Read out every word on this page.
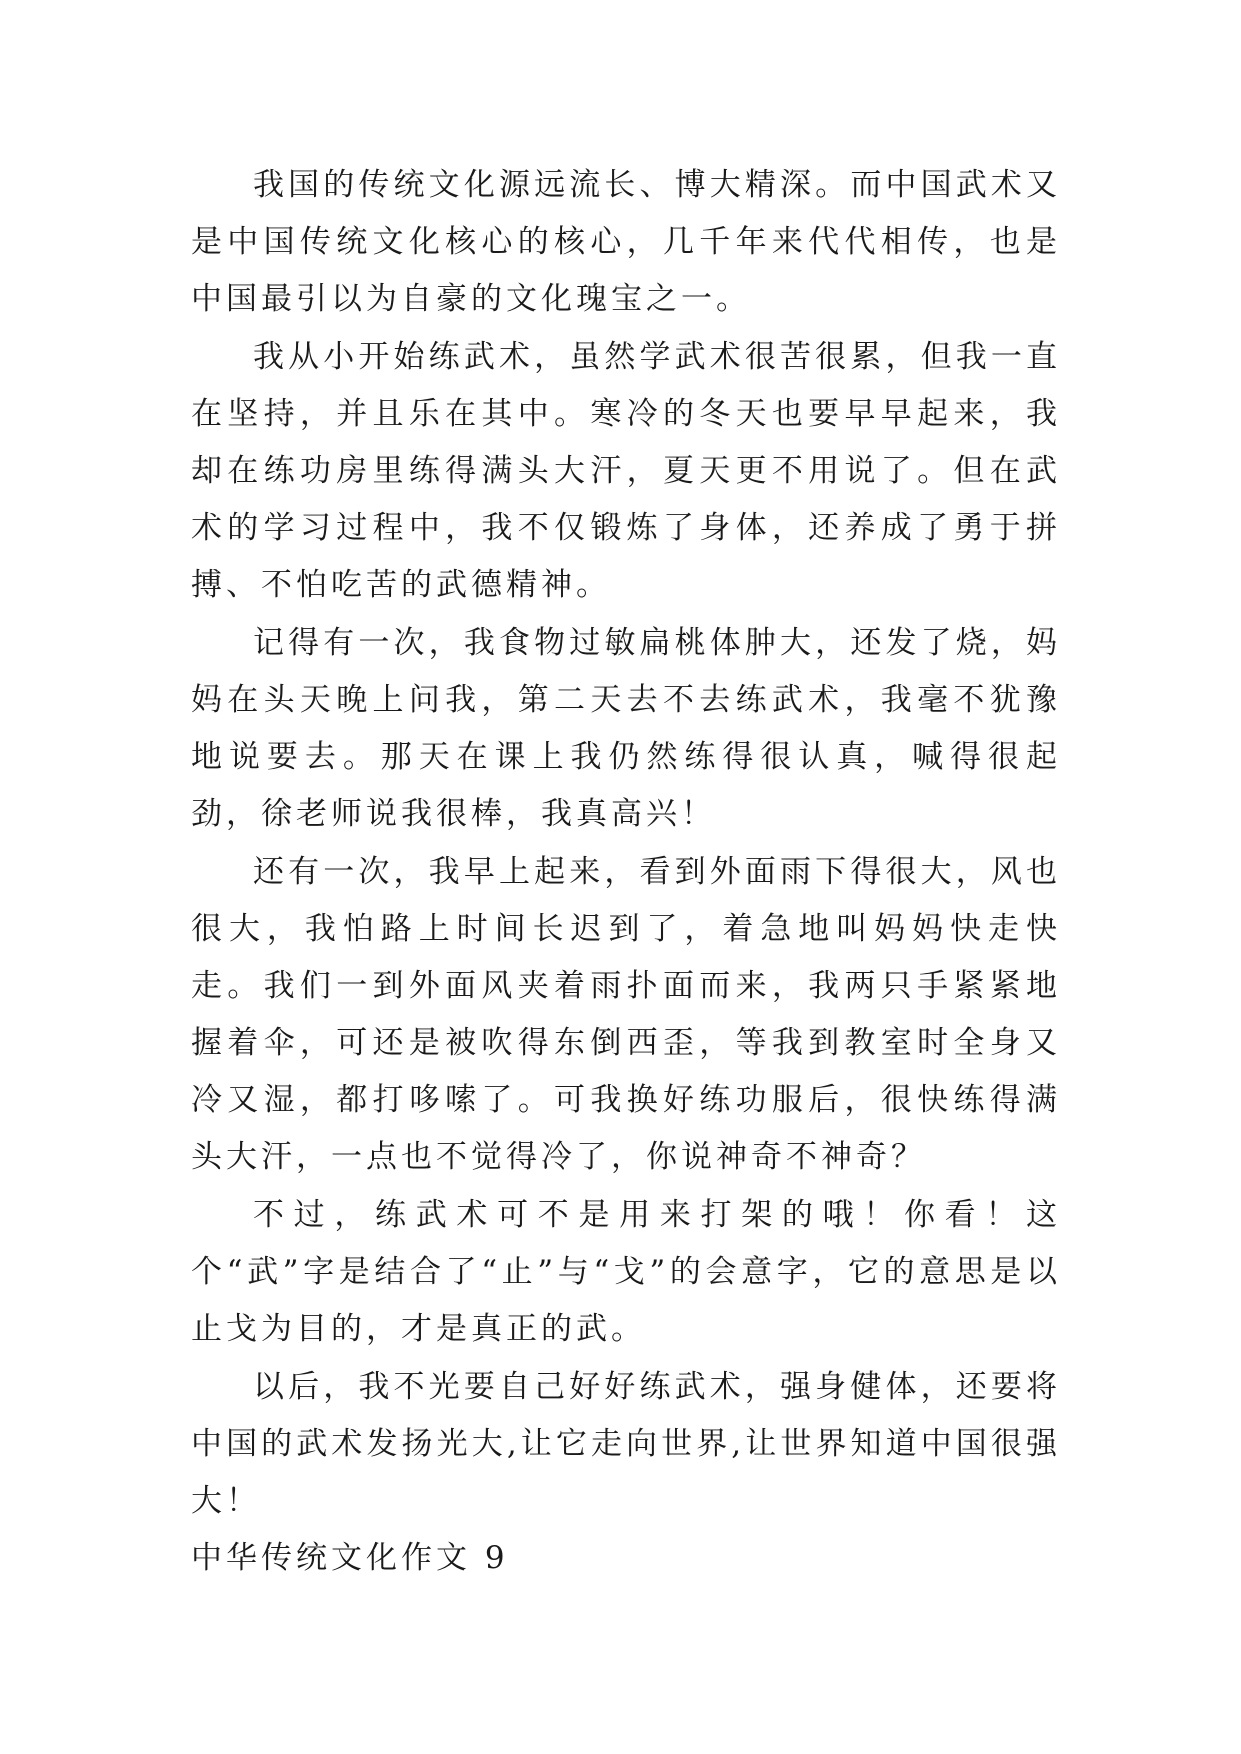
我国的传统文化源远流长、博大精深。而中国武术又是中国传统文化核心的核心，几千年来代代相传，也是中国最引以为自豪的文化瑰宝之一。

我从小开始练武术，虽然学武术很苦很累，但我一直在坚持，并且乐在其中。寒冷的冬天也要早早起来，我却在练功房里练得满头大汗，夏天更不用说了。但在武术的学习过程中，我不仅锻炼了身体，还养成了勇于拼搏、不怕吃苦的武德精神。

记得有一次，我食物过敏扁桃体肿大，还发了烧，妈妈在头天晚上问我，第二天去不去练武术，我毫不犹豫地说要去。那天在课上我仍然练得很认真，喊得很起劲，徐老师说我很棒，我真高兴！

还有一次，我早上起来，看到外面雨下得很大，风也很大，我怕路上时间长迟到了，着急地叫妈妈快走快走。我们一到外面风夹着雨扑面而来，我两只手紧紧地握着伞，可还是被吹得东倒西歪，等我到教室时全身又冷又湿，都打哆嗦了。可我换好练功服后，很快练得满头大汗，一点也不觉得冷了，你说神奇不神奇？

不过，练武术可不是用来打架的哦！你看！这个“武”字是结合了“止”与“戈”的会意字，它的意思是以止戈为目的，才是真正的武。

以后，我不光要自己好好练武术，强身健体，还要将中国的武术发扬光大,让它走向世界,让世界知道中国很强大！

中华传统文化作文 9
